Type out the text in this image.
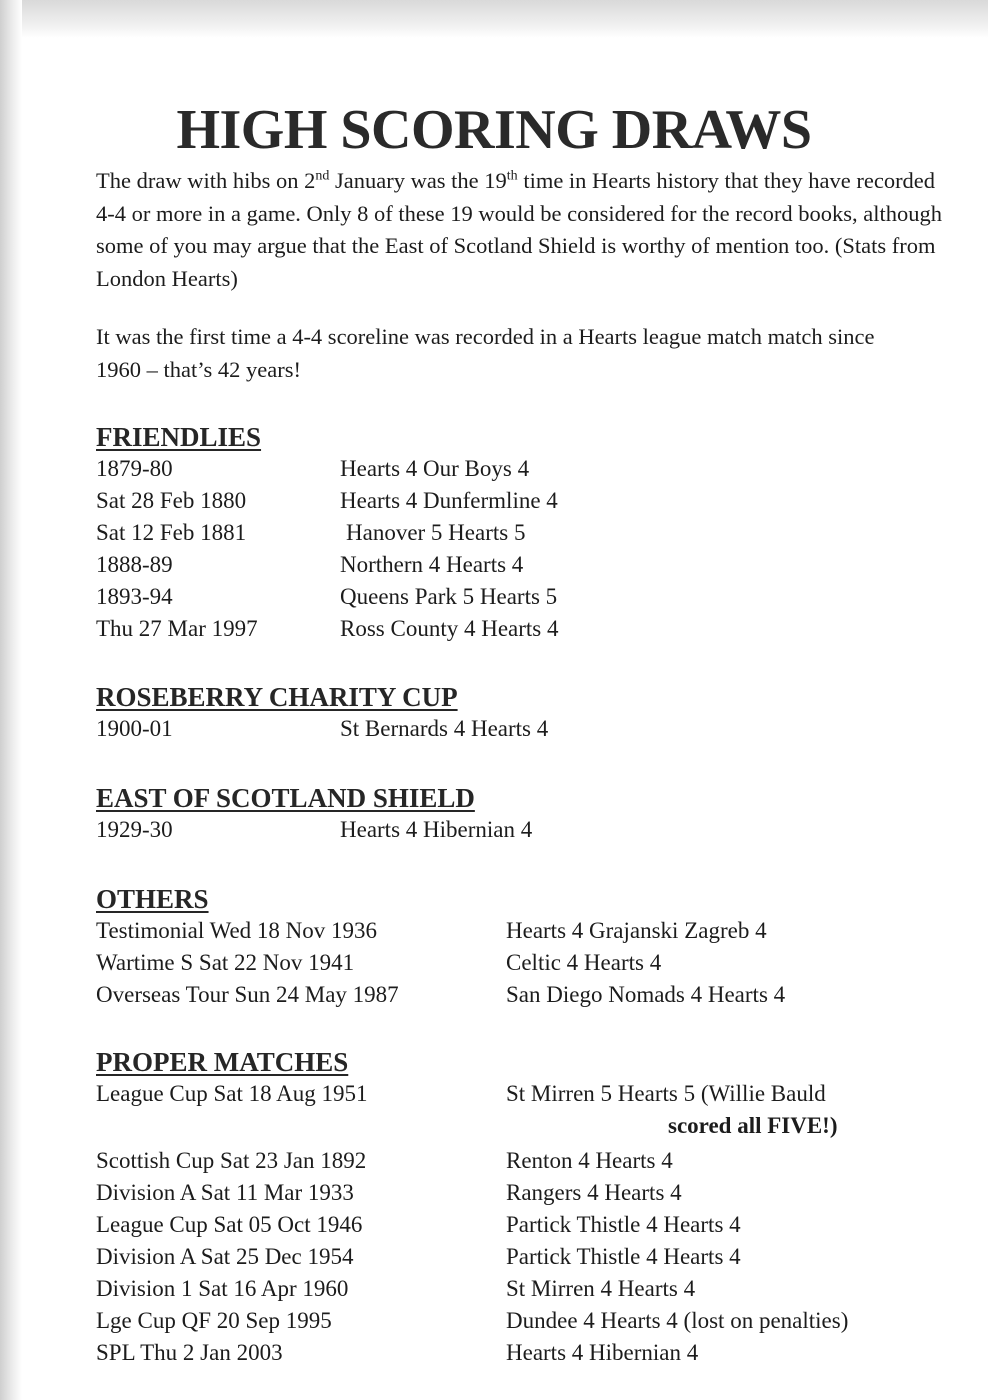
HIGH SCORING DRAWS
The draw with hibs on 2nd January was the 19th time in Hearts history that they have recorded 4-4 or more in a game. Only 8 of these 19 would be considered for the record books, although some of you may argue that the East of Scotland Shield is worthy of mention too. (Stats from London Hearts)
It was the first time a 4-4 scoreline was recorded in a Hearts league match match since 1960 – that’s 42 years!
FRIENDLIES
1879-80	Hearts 4 Our Boys 4
Sat 28 Feb 1880	Hearts 4 Dunfermline 4
Sat 12 Feb 1881	Hanover 5 Hearts 5
1888-89	Northern 4 Hearts 4
1893-94	Queens Park 5 Hearts 5
Thu 27 Mar 1997	Ross County 4 Hearts 4
ROSEBERRY CHARITY CUP
1900-01	St Bernards 4 Hearts 4
EAST OF SCOTLAND SHIELD
1929-30	Hearts 4 Hibernian 4
OTHERS
Testimonial Wed 18 Nov 1936	Hearts 4 Grajanski Zagreb 4
Wartime S Sat 22 Nov 1941	Celtic 4 Hearts 4
Overseas Tour Sun 24 May 1987	San Diego Nomads 4 Hearts 4
PROPER MATCHES
League Cup Sat 18 Aug 1951	St Mirren 5 Hearts 5 (Willie Bauld
scored all FIVE!)
Scottish Cup Sat 23 Jan 1892	Renton 4 Hearts 4
Division A Sat 11 Mar 1933	Rangers 4 Hearts 4
League Cup Sat 05 Oct 1946	Partick Thistle 4 Hearts 4
Division A Sat 25 Dec 1954	Partick Thistle 4 Hearts 4
Division 1 Sat 16 Apr 1960	St Mirren 4 Hearts 4
Lge Cup QF 20 Sep 1995	Dundee 4 Hearts 4 (lost on penalties)
SPL Thu 2 Jan 2003	Hearts 4 Hibernian 4
